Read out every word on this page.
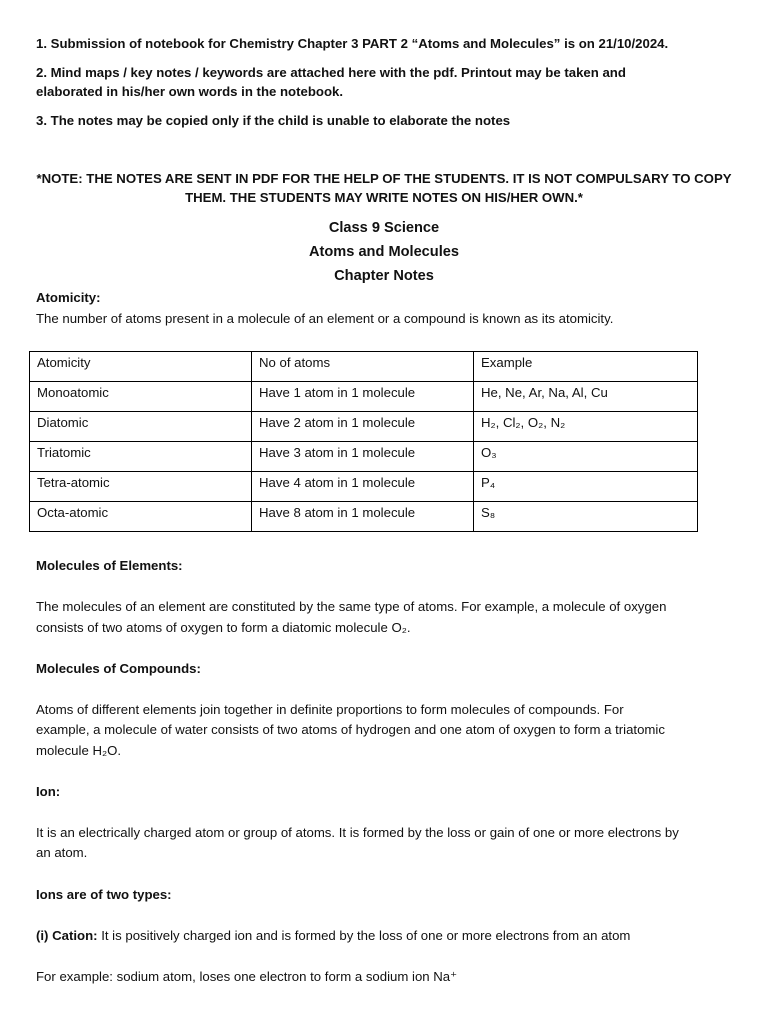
1. Submission of notebook for Chemistry Chapter 3 PART 2 “Atoms and Molecules” is on 21/10/2024.
2. Mind maps / key notes / keywords are attached here with the pdf. Printout may be taken and
elaborated in his/her own words in the notebook.
3. The notes may be copied only if the child is unable to elaborate the notes
*NOTE: THE NOTES ARE SENT IN PDF FOR THE HELP OF THE STUDENTS. IT IS NOT COMPULSARY TO COPY
THEM. THE STUDENTS MAY WRITE NOTES ON HIS/HER OWN.*
Class 9 Science
Atoms and Molecules
Chapter Notes
Atomicity:
The number of atoms present in a molecule of an element or a compound is known as its atomicity.
Atomicity	No of atoms	Example

Monoatomic	Have 1 atom in 1 molecule	He, Ne, Ar, Na, Al, Cu

Diatomic	Have 2 atom in 1 molecule	H₂, Cl₂, O₂, N₂

Triatomic	Have 3 atom in 1 molecule	O₃

Tetra-atomic	Have 4 atom in 1 molecule	P₄

Octa-atomic	Have 8 atom in 1 molecule	S₈
Molecules of Elements:
The molecules of an element are constituted by the same type of atoms. For example, a molecule of oxygen
consists of two atoms of oxygen to form a diatomic molecule O₂.
Molecules of Compounds:
Atoms of different elements join together in definite proportions to form molecules of compounds. For
example, a molecule of water consists of two atoms of hydrogen and one atom of oxygen to form a triatomic
molecule H₂O.
Ion:
It is an electrically charged atom or group of atoms. It is formed by the loss or gain of one or more electrons by
an atom.
Ions are of two types:
(i) Cation: It is positively charged ion and is formed by the loss of one or more electrons from an atom
For example: sodium atom, loses one electron to form a sodium ion Na⁺
